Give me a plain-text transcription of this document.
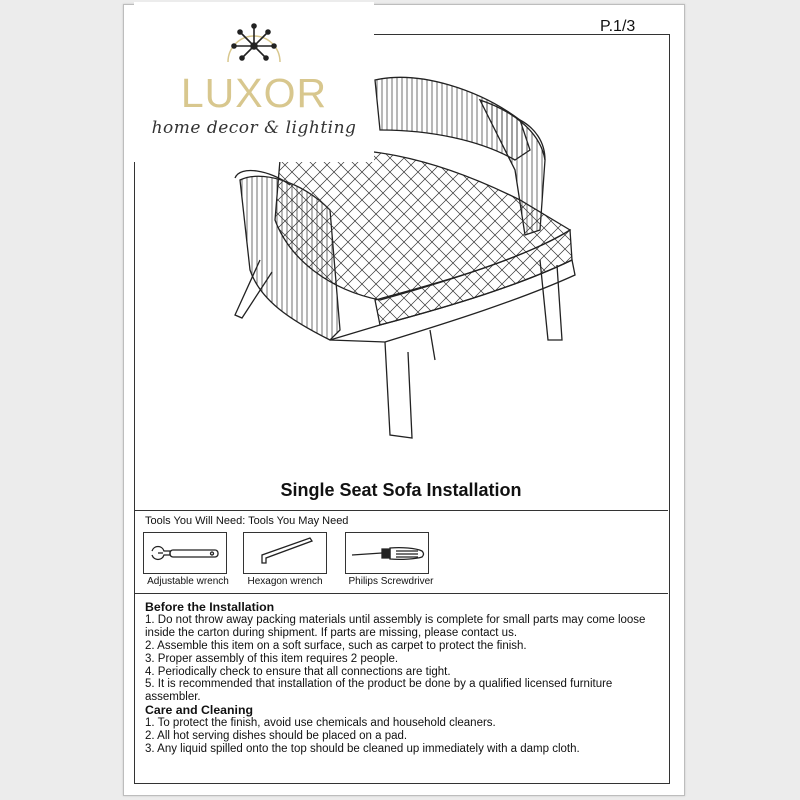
LUXOR
home decor & lighting
P.1/3
Single Seat Sofa Installation
Tools You Will Need: Tools You May Need
Adjustable wrench	Hexagon wrench	Philips Screwdriver
Before the Installation
1. Do not throw away packing materials until assembly is complete for small parts may come loose inside the carton during shipment. If parts are missing, please contact us.
2. Assemble this item on a soft surface, such as carpet to protect the finish.
3. Proper assembly of this item requires 2 people.
4. Periodically check to ensure that all connections are tight.
5. It is recommended that installation of the product be done by a qualified licensed furniture assembler.
Care and Cleaning
1. To protect the finish, avoid use chemicals and household cleaners.
2. All hot serving dishes should be placed on a pad.
3. Any liquid spilled onto the top should be cleaned up immediately with a damp cloth.
